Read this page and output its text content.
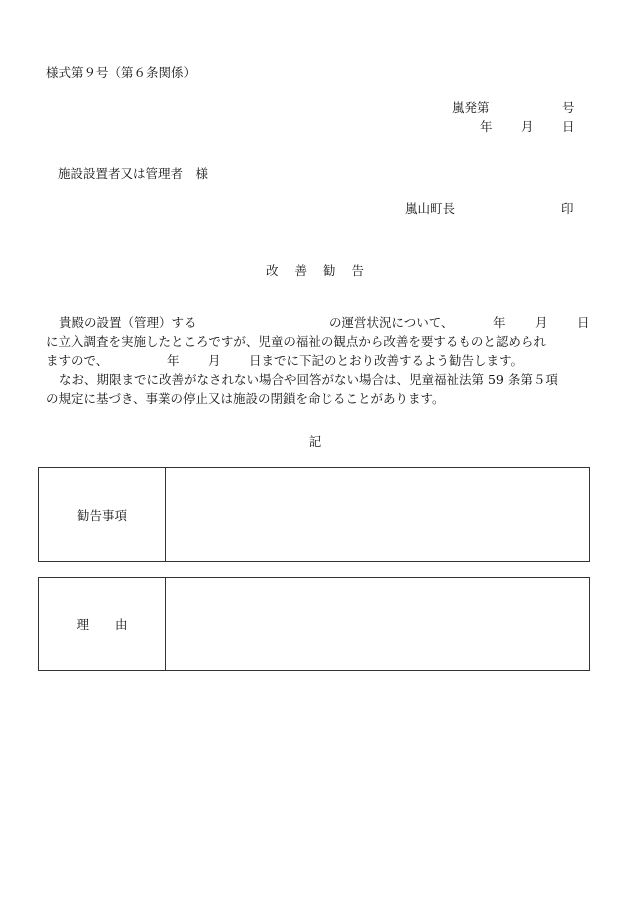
様式第９号（第６条関係）
嵐発第	号
年 月 日
施設設置者又は管理者　様
嵐山町長	印
改 善 勧 告
貴殿の設置（管理）する	の運営状況について、	年 月 日
に立入調査を実施したところですが、児童の福祉の観点から改善を要するものと認められ
ますので、	年 月 日までに下記のとおり改善するよう勧告します。
なお、期限までに改善がなされない場合や回答がない場合は、児童福祉法第 59 条第５項
の規定に基づき、事業の停止又は施設の閉鎖を命じることがあります。
記
勧告事項
理 由
